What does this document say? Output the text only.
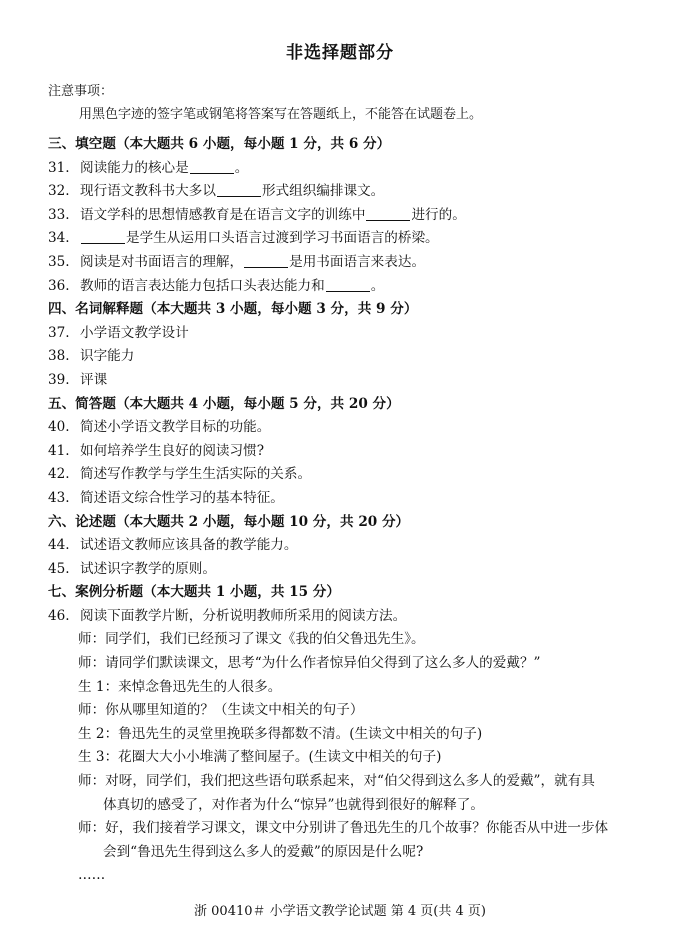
非选择题部分
注意事项：
用黑色字迹的签字笔或钢笔将答案写在答题纸上，不能答在试题卷上。
三、填空题（本大题共 6 小题，每小题 1 分，共 6 分）
31. 阅读能力的核心是	。
32. 现行语文教科书大多以	形式组织编排课文。
33. 语文学科的思想情感教育是在语言文字的训练中	进行的。
34.	是学生从运用口头语言过渡到学习书面语言的桥梁。
35. 阅读是对书面语言的理解，	是用书面语言来表达。
36. 教师的语言表达能力包括口头表达能力和	。
四、名词解释题（本大题共 3 小题，每小题 3 分，共 9 分）
37. 小学语文教学设计
38. 识字能力
39. 评课
五、简答题（本大题共 4 小题，每小题 5 分，共 20 分）
40. 简述小学语文教学目标的功能。
41. 如何培养学生良好的阅读习惯?
42. 简述写作教学与学生生活实际的关系。
43. 简述语文综合性学习的基本特征。
六、论述题（本大题共 2 小题，每小题 10 分，共 20 分）
44. 试述语文教师应该具备的教学能力。
45. 试述识字教学的原则。
七、案例分析题（本大题共 1 小题，共 15 分）
46. 阅读下面教学片断，分析说明教师所采用的阅读方法。
师：同学们，我们已经预习了课文《我的伯父鲁迅先生》。
师：请同学们默读课文，思考“为什么作者惊异伯父得到了这么多人的爱戴？”
生 1：来悼念鲁迅先生的人很多。
师：你从哪里知道的？（生读文中相关的句子）
生 2：鲁迅先生的灵堂里挽联多得都数不清。(生读文中相关的句子)
生 3：花圈大大小小堆满了整间屋子。(生读文中相关的句子)
师：对呀，同学们，我们把这些语句联系起来，对“伯父得到这么多人的爱戴”，就有具
体真切的感受了，对作者为什么“惊异”也就得到很好的解释了。
师：好，我们接着学习课文，课文中分别讲了鲁迅先生的几个故事？你能否从中进一步体
会到“鲁迅先生得到这么多人的爱戴”的原因是什么呢?
……
浙 00410＃ 小学语文教学论试题 第 4 页(共 4 页)
